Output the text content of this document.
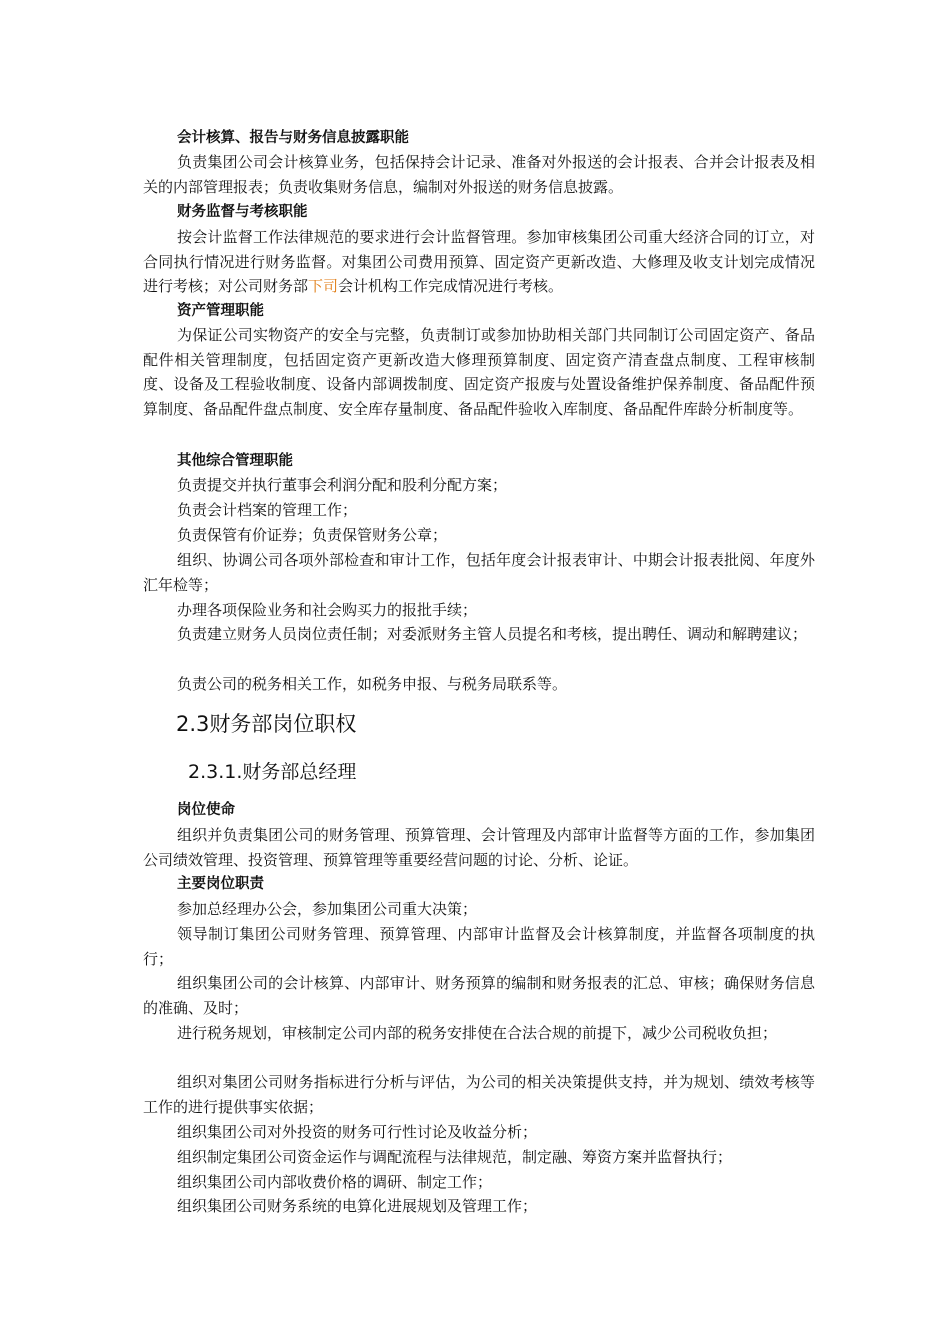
会计核算、报告与财务信息披露职能
负责集团公司会计核算业务，包括保持会计记录、准备对外报送的会计报表、合并会计报表及相关的内部管理报表；负责收集财务信息，编制对外报送的财务信息披露。
财务监督与考核职能
按会计监督工作法律规范的要求进行会计监督管理。参加审核集团公司重大经济合同的订立，对合同执行情况进行财务监督。对集团公司费用预算、固定资产更新改造、大修理及收支计划完成情况进行考核；对公司财务部下司会计机构工作完成情况进行考核。
资产管理职能
为保证公司实物资产的安全与完整，负责制订或参加协助相关部门共同制订公司固定资产、备品配件相关管理制度，包括固定资产更新改造大修理预算制度、固定资产清查盘点制度、工程审核制度、设备及工程验收制度、设备内部调拨制度、固定资产报废与处置设备维护保养制度、备品配件预算制度、备品配件盘点制度、安全库存量制度、备品配件验收入库制度、备品配件库龄分析制度等。
其他综合管理职能
负责提交并执行董事会利润分配和股利分配方案；
负责会计档案的管理工作；
负责保管有价证券；负责保管财务公章；
组织、协调公司各项外部检查和审计工作，包括年度会计报表审计、中期会计报表批阅、年度外汇年检等；
办理各项保险业务和社会购买力的报批手续；
负责建立财务人员岗位责任制；对委派财务主管人员提名和考核，提出聘任、调动和解聘建议；
负责公司的税务相关工作，如税务申报、与税务局联系等。
2.3财务部岗位职权
2.3.1.财务部总经理
岗位使命
组织并负责集团公司的财务管理、预算管理、会计管理及内部审计监督等方面的工作，参加集团公司绩效管理、投资管理、预算管理等重要经营问题的讨论、分析、论证。
主要岗位职责
参加总经理办公会，参加集团公司重大决策；
领导制订集团公司财务管理、预算管理、内部审计监督及会计核算制度，并监督各项制度的执行；
组织集团公司的会计核算、内部审计、财务预算的编制和财务报表的汇总、审核；确保财务信息的准确、及时；
进行税务规划，审核制定公司内部的税务安排使在合法合规的前提下，减少公司税收负担；
组织对集团公司财务指标进行分析与评估，为公司的相关决策提供支持，并为规划、绩效考核等工作的进行提供事实依据；
组织集团公司对外投资的财务可行性讨论及收益分析；
组织制定集团公司资金运作与调配流程与法律规范，制定融、筹资方案并监督执行；
组织集团公司内部收费价格的调研、制定工作；
组织集团公司财务系统的电算化进展规划及管理工作；
